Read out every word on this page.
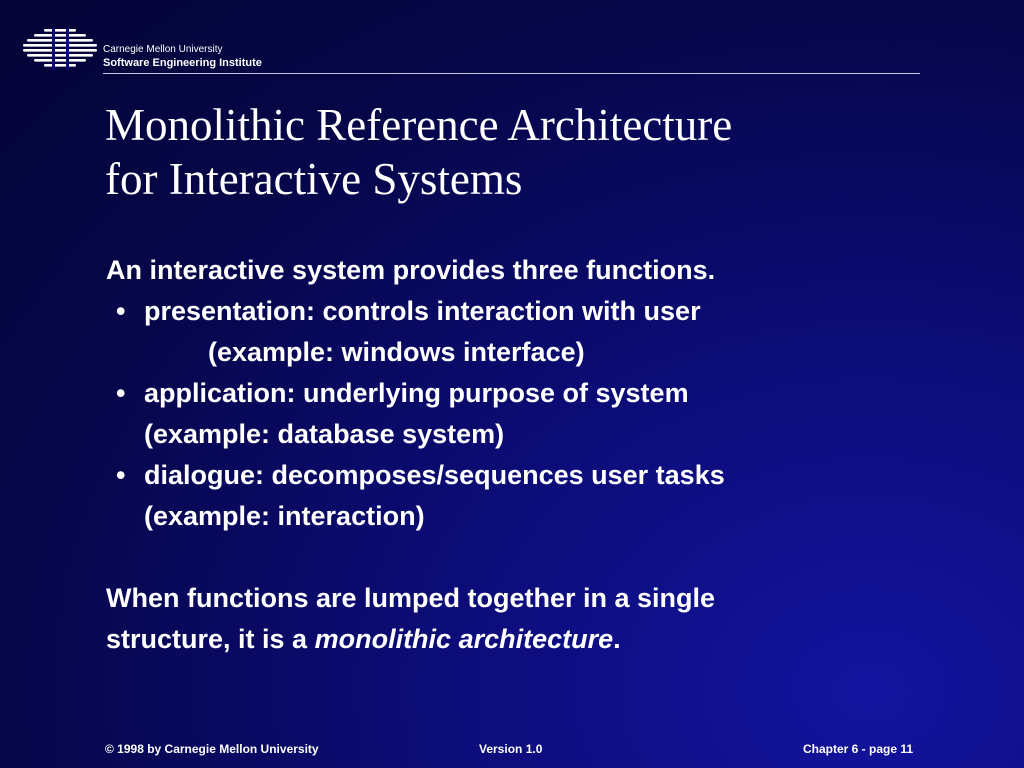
Carnegie Mellon University
Software Engineering Institute
Monolithic Reference Architecture
for Interactive Systems

An interactive system provides three functions.

• presentation: controls interaction with user

(example: windows interface)

• application: underlying purpose of system

(example: database system)

• dialogue: decomposes/sequences user tasks

(example: interaction)

When functions are lumped together in a single

structure, it is a monolithic architecture.

© 1998 by Carnegie Mellon University	Version 1.0	Chapter 6 - page 11
